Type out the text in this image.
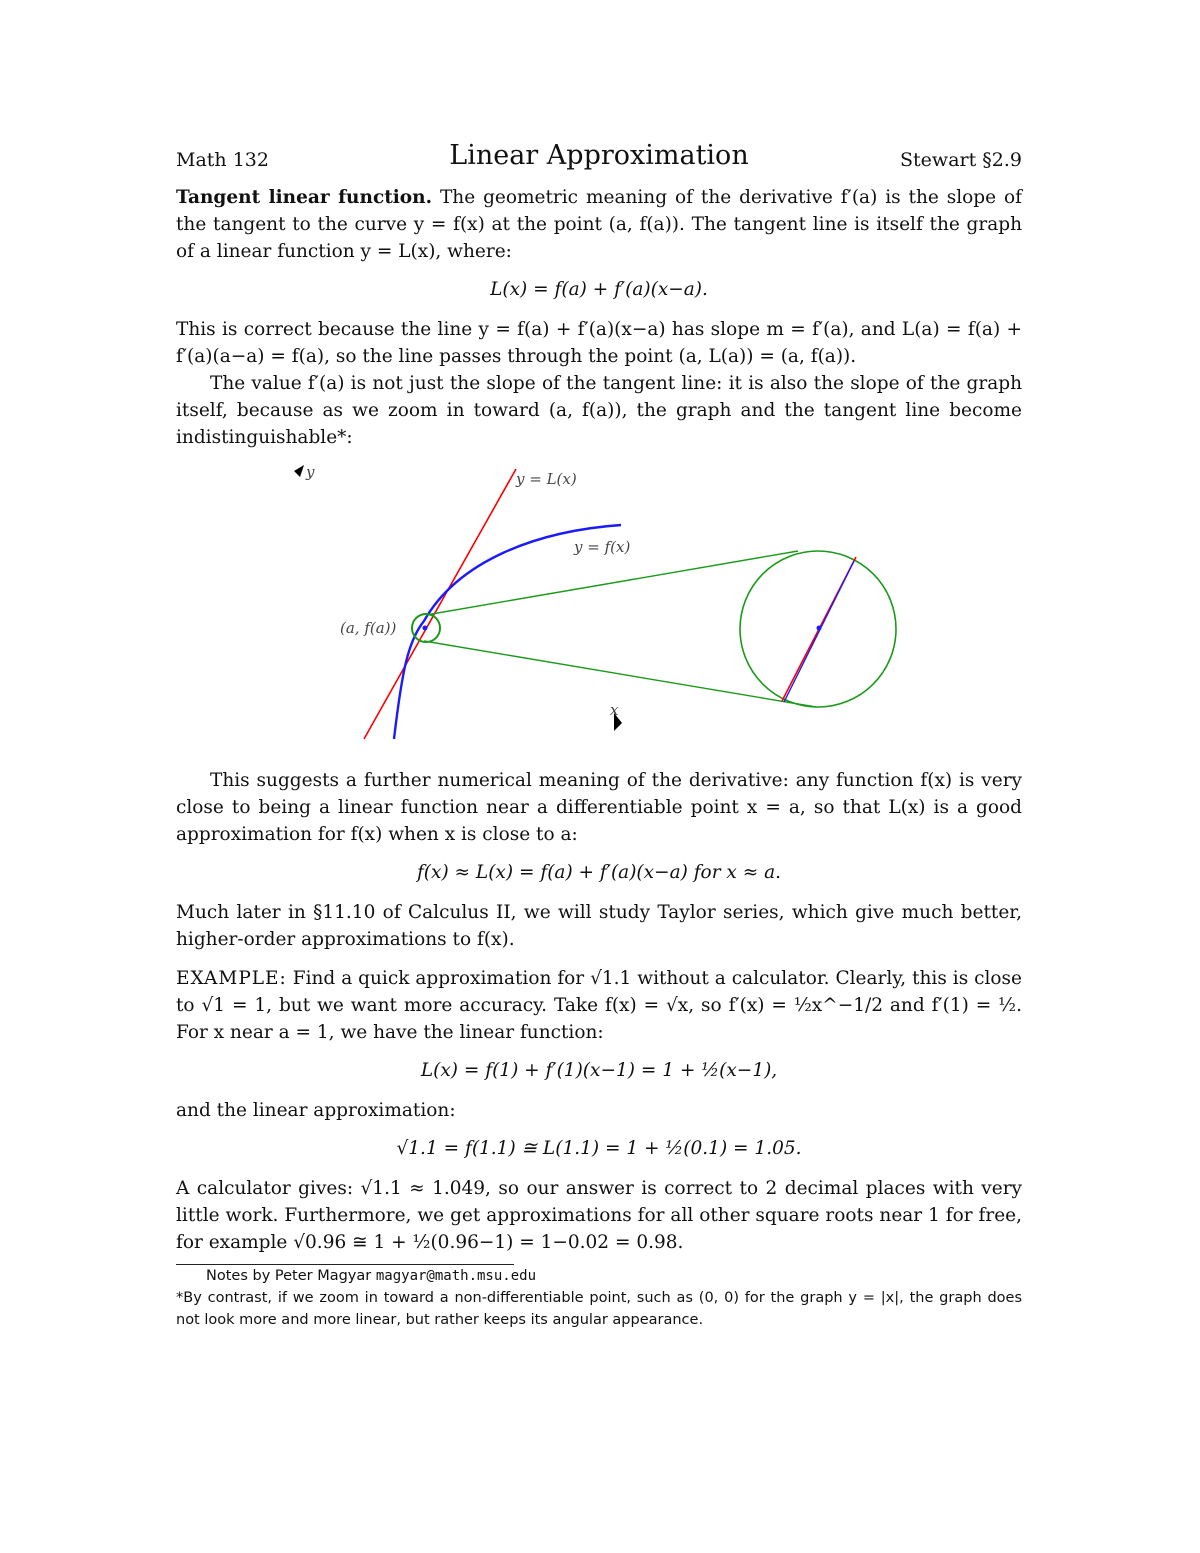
Math 132	Linear Approximation	Stewart §2.9

Tangent linear function. The geometric meaning of the derivative f′(a) is the slope of the tangent to the curve y = f(x) at the point (a, f(a)). The tangent line is itself the graph of a linear function y = L(x), where:

L(x) = f(a) + f′(a)(x−a).

This is correct because the line y = f(a) + f′(a)(x−a) has slope m = f′(a), and L(a) = f(a) + f′(a)(a−a) = f(a), so the line passes through the point (a, L(a)) = (a, f(a)).

The value f′(a) is not just the slope of the tangent line: it is also the slope of the graph itself, because as we zoom in toward (a, f(a)), the graph and the tangent line become indistinguishable*:

y
x
y = L(x)
y = f(x)
(a, f(a))

This suggests a further numerical meaning of the derivative: any function f(x) is very close to being a linear function near a differentiable point x = a, so that L(x) is a good approximation for f(x) when x is close to a:

f(x) ≈ L(x) = f(a) + f′(a)(x−a) for x ≈ a.

Much later in §11.10 of Calculus II, we will study Taylor series, which give much better, higher-order approximations to f(x).

EXAMPLE: Find a quick approximation for √1.1 without a calculator. Clearly, this is close to √1 = 1, but we want more accuracy. Take f(x) = √x, so f′(x) = ½x^−1/2 and f′(1) = ½. For x near a = 1, we have the linear function:

L(x) = f(1) + f′(1)(x−1) = 1 + ½(x−1),

and the linear approximation:

√1.1 = f(1.1) ≅ L(1.1) = 1 + ½(0.1) = 1.05.

A calculator gives: √1.1 ≈ 1.049, so our answer is correct to 2 decimal places with very little work. Furthermore, we get approximations for all other square roots near 1 for free, for example √0.96 ≅ 1 + ½(0.96−1) = 1−0.02 = 0.98.

Notes by Peter Magyar magyar@math.msu.edu

*By contrast, if we zoom in toward a non-differentiable point, such as (0, 0) for the graph y = |x|, the graph does not look more and more linear, but rather keeps its angular appearance.
